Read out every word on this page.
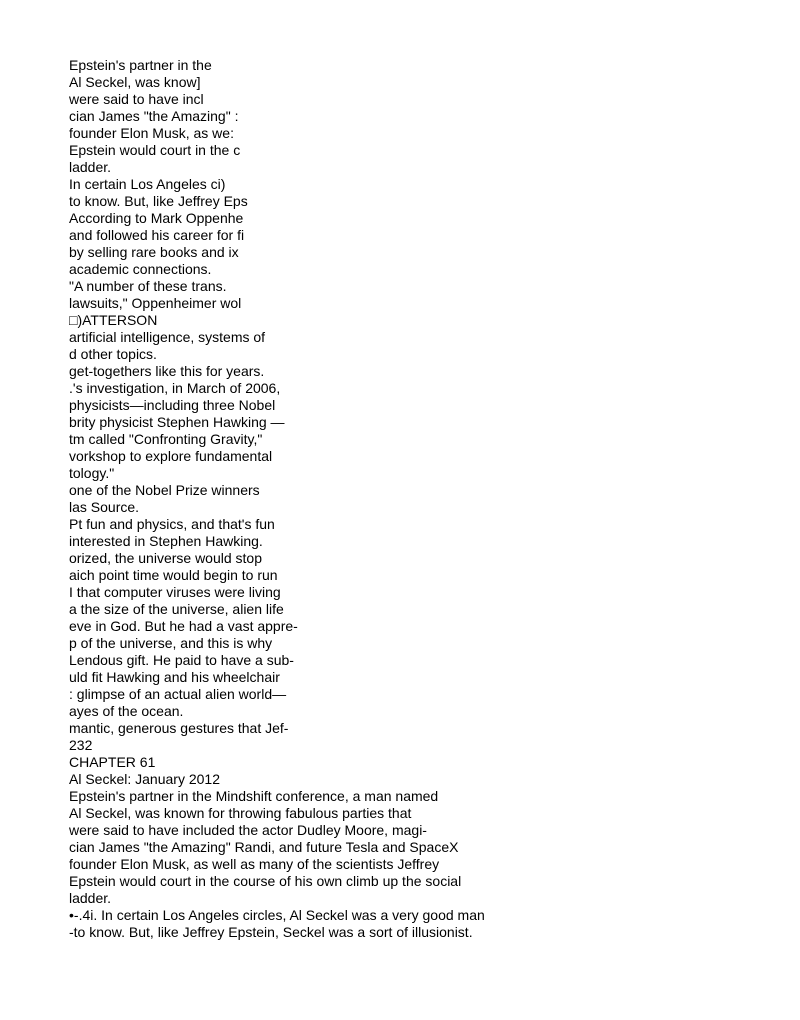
Epstein's partner in the
Al Seckel, was know]
were said to have incl
cian James "the Amazing" :
founder Elon Musk, as we:
Epstein would court in the c
ladder.
In certain Los Angeles ci)
to know. But, like Jeffrey Eps
According to Mark Oppenhe
and followed his career for fi
by selling rare books and ix
academic connections.
"A number of these trans.
lawsuits," Oppenheimer wol
□)ATTERSON
artificial intelligence, systems of
d other topics.
get-togethers like this for years.
.'s investigation, in March of 2006,
physicists—including three Nobel
brity physicist Stephen Hawking —
tm called "Confronting Gravity,"
vorkshop to explore fundamental
tology."
one of the Nobel Prize winners
las Source.
Pt fun and physics, and that's fun
interested in Stephen Hawking.
orized, the universe would stop
aich point time would begin to run
I that computer viruses were living
a the size of the universe, alien life
eve in God. But he had a vast appre-
p of the universe, and this is why
Lendous gift. He paid to have a sub-
uld fit Hawking and his wheelchair
: glimpse of an actual alien world—
ayes of the ocean.
mantic, generous gestures that Jef-
232
CHAPTER 61
Al Seckel: January 2012
Epstein's partner in the Mindshift conference, a man named
Al Seckel, was known for throwing fabulous parties that
were said to have included the actor Dudley Moore, magi-
cian James "the Amazing" Randi, and future Tesla and SpaceX
founder Elon Musk, as well as many of the scientists Jeffrey
Epstein would court in the course of his own climb up the social
ladder.
•-.4i. In certain Los Angeles circles, Al Seckel was a very good man
-to know. But, like Jeffrey Epstein, Seckel was a sort of illusionist.
